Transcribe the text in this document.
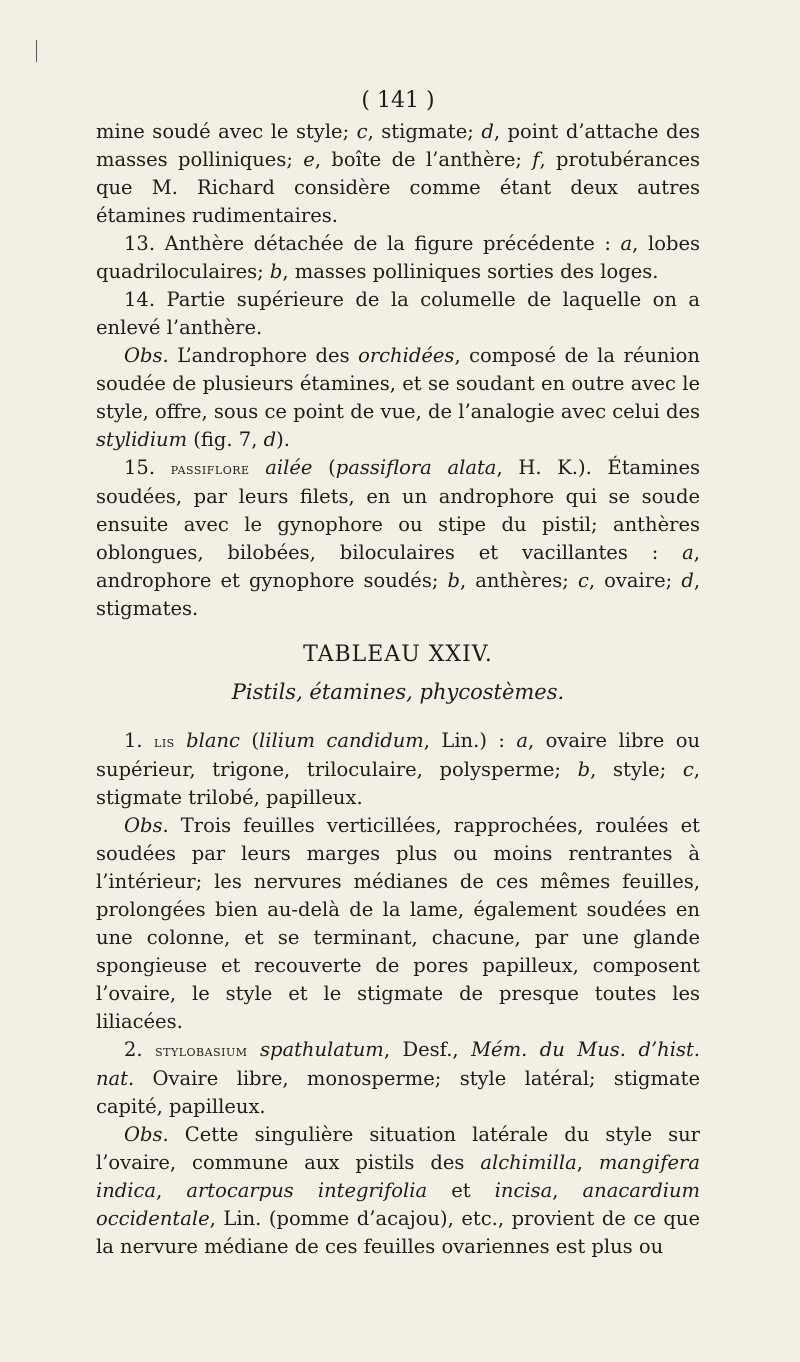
( 141 )

mine soudé avec le style; c, stigmate; d, point d’attache des masses polliniques; e, boîte de l’anthère; f, protubérances que M. Richard considère comme étant deux autres étamines rudimentaires.

13. Anthère détachée de la figure précédente : a, lobes quadriloculaires; b, masses polliniques sorties des loges.

14. Partie supérieure de la columelle de laquelle on a enlevé l’anthère.

Obs. L’androphore des orchidées, composé de la réunion soudée de plusieurs étamines, et se soudant en outre avec le style, offre, sous ce point de vue, de l’analogie avec celui des stylidium (fig. 7, d).

15. passiflore ailée (passiflora alata, H. K.). Étamines soudées, par leurs filets, en un androphore qui se soude ensuite avec le gynophore ou stipe du pistil; anthères oblongues, bilobées, biloculaires et vacillantes : a, androphore et gynophore soudés; b, anthères; c, ovaire; d, stigmates.

TABLEAU XXIV.
Pistils, étamines, phycostèmes.

1. lis blanc (lilium candidum, Lin.) : a, ovaire libre ou supérieur, trigone, triloculaire, polysperme; b, style; c, stigmate trilobé, papilleux.

Obs. Trois feuilles verticillées, rapprochées, roulées et soudées par leurs marges plus ou moins rentrantes à l’intérieur; les nervures médianes de ces mêmes feuilles, prolongées bien au-delà de la lame, également soudées en une colonne, et se terminant, chacune, par une glande spongieuse et recouverte de pores papilleux, composent l’ovaire, le style et le stigmate de presque toutes les liliacées.

2. stylobasium spathulatum, Desf., Mém. du Mus. d’hist. nat. Ovaire libre, monosperme; style latéral; stigmate capité, papilleux.

Obs. Cette singulière situation latérale du style sur l’ovaire, commune aux pistils des alchimilla, mangifera indica, artocarpus integrifolia et incisa, anacardium occidentale, Lin. (pomme d’acajou), etc., provient de ce que la nervure médiane de ces feuilles ovariennes est plus ou
